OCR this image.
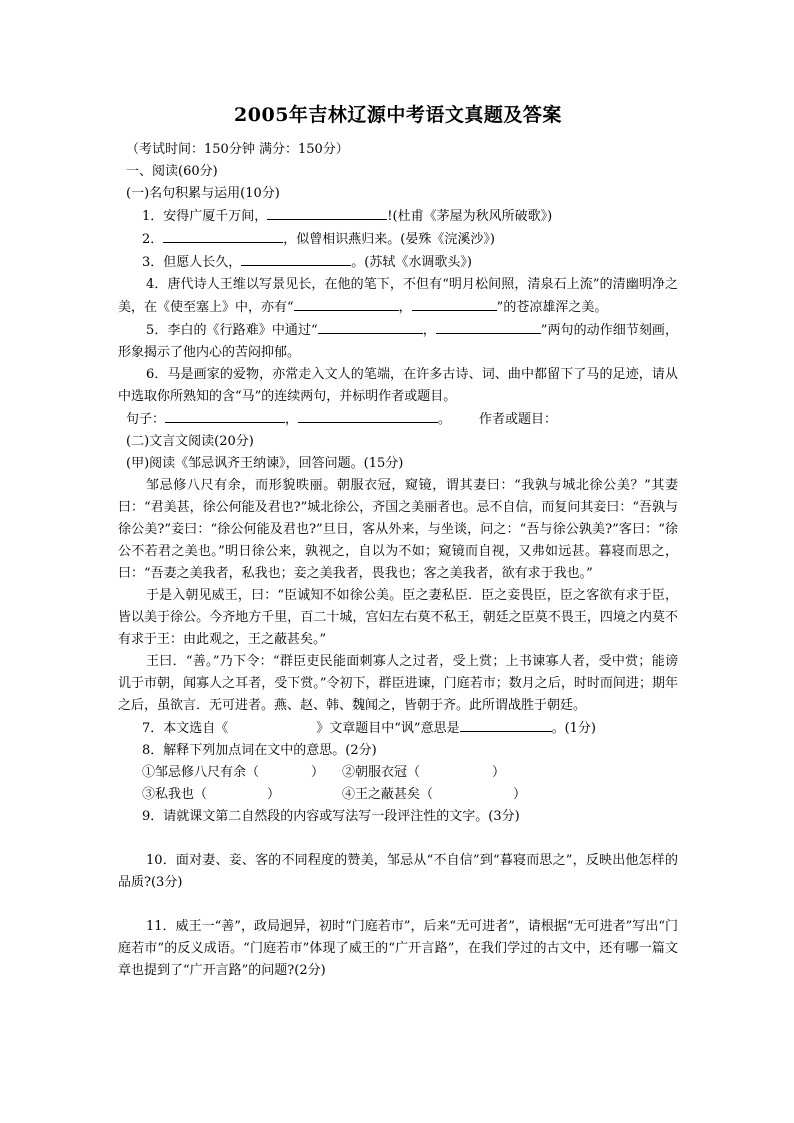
2005年吉林辽源中考语文真题及答案

（考试时间：150分钟 满分：150分）

一、阅读(60分)

(一)名句积累与运用(10分)

1．安得广厦千万间，	!(杜甫《茅屋为秋风所破歌》)

2．	，似曾相识燕归来。(晏殊《浣溪沙》)

3．但愿人长久，	。(苏轼《水调歌头》)

4．唐代诗人王维以写景见长，在他的笔下，不但有“明月松间照，清泉石上流”的清幽明净之美，在《使至塞上》中，亦有“	，	”的苍凉雄浑之美。

5．李白的《行路难》中通过“	，	”两句的动作细节刻画，形象揭示了他内心的苦闷抑郁。

6．马是画家的爱物，亦常走入文人的笔端，在许多古诗、词、曲中都留下了马的足迹，请从中选取你所熟知的含“马”的连续两句，并标明作者或题目。

句子：	，	。 作者或题目：

(二)文言文阅读(20分)

(甲)阅读《邹忌讽齐王纳谏》，回答问题。(15分)

邹忌修八尺有余，而形貌昳丽。朝服衣冠，窥镜，谓其妻曰：“我孰与城北徐公美？”其妻曰：“君美甚，徐公何能及君也?”城北徐公，齐国之美丽者也。忌不自信，而复问其妾曰：“吾孰与徐公美?”妾曰：“徐公何能及君也?”旦日，客从外来，与坐谈，问之：“吾与徐公孰美?”客曰：“徐公不若君之美也。”明日徐公来，孰视之，自以为不如；窥镜而自视，又弗如远甚。暮寝而思之，曰：“吾妻之美我者，私我也；妾之美我者，畏我也；客之美我者，欲有求于我也。”

于是入朝见威王，曰：“臣诚知不如徐公美。臣之妻私臣．臣之妾畏臣，臣之客欲有求于臣，皆以美于徐公。今齐地方千里，百二十城，宫妇左右莫不私王，朝廷之臣莫不畏王，四境之内莫不有求于王：由此观之，王之蔽甚矣。”

王曰．“善。”乃下令：“群臣吏民能面刺寡人之过者，受上赏；上书谏寡人者，受中赏；能谤讥于市朝，闻寡人之耳者，受下赏。”令初下，群臣进谏，门庭若市；数月之后，时时而间进；期年之后，虽欲言．无可进者。燕、赵、韩、魏闻之，皆朝于齐。此所谓战胜于朝廷。

7．本文选自《	》文章题目中“讽”意思是	。(1分)

8．解释下列加点词在文中的意思。(2分)

①邹忌修八尺有余（	） ②朝服衣冠（	）

③私我也（	）	④王之蔽甚矣（	）

9．请就课文第二自然段的内容或写法写一段评注性的文字。(3分)

10．面对妻、妾、客的不同程度的赞美，邹忌从“不自信”到“暮寝而思之”，反映出他怎样的品质?(3分)

11．威王一“善”，政局迥异，初时“门庭若市”，后来“无可进者”，请根据“无可进者”写出“门庭若市”的反义成语。“门庭若市”体现了威王的“广开言路”，在我们学过的古文中，还有哪一篇文章也提到了“广开言路”的问题?(2分)
